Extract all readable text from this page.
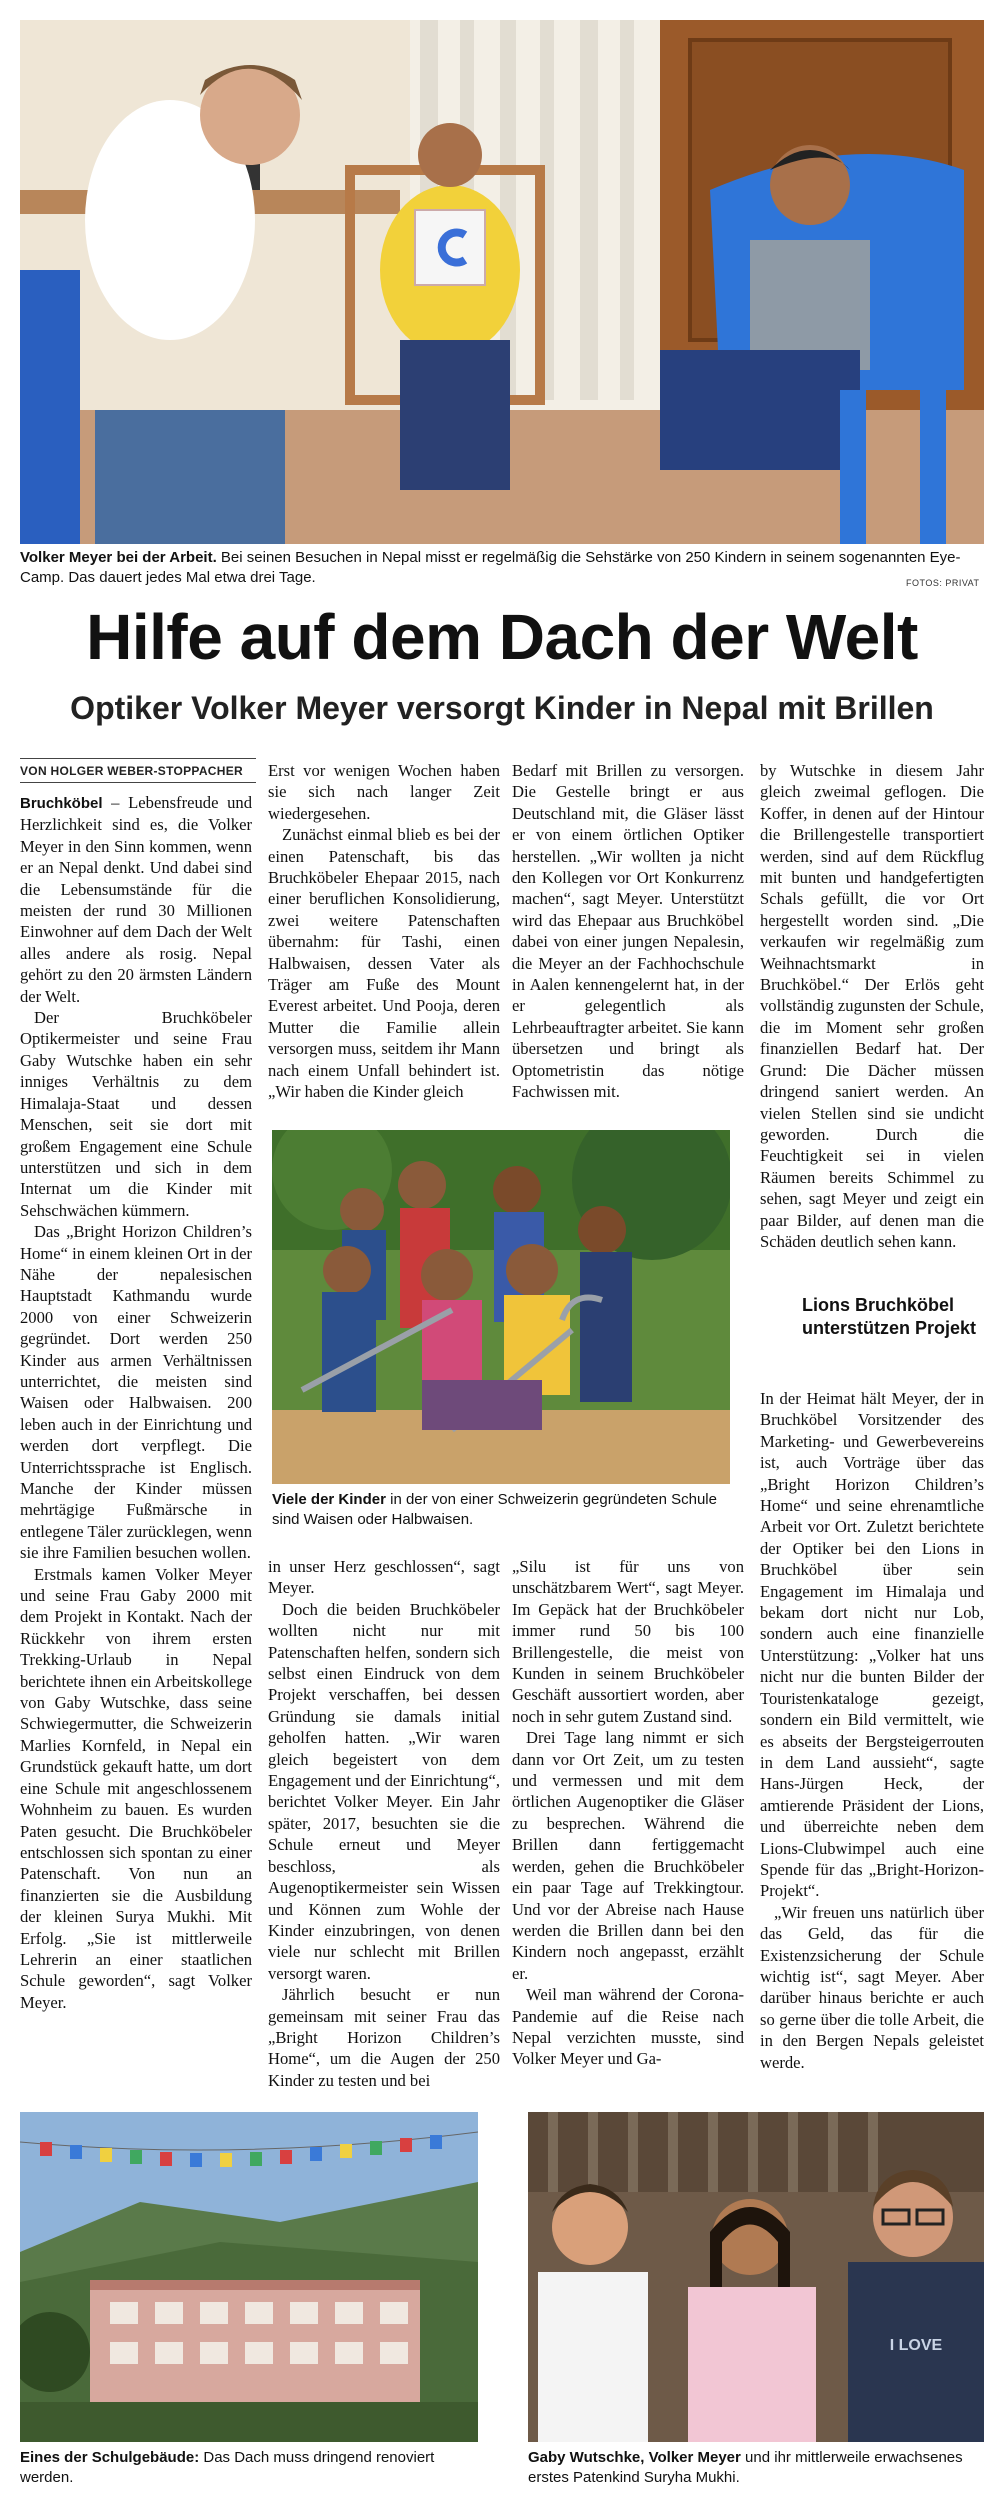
Volker Meyer bei der Arbeit. Bei seinen Besuchen in Nepal misst er regelmäßig die Sehstärke von 250 Kindern in seinem sogenannten Eye-Camp. Das dauert jedes Mal etwa drei Tage.	FOTOS: PRIVAT
Hilfe auf dem Dach der Welt
Optiker Volker Meyer versorgt Kinder in Nepal mit Brillen
VON HOLGER WEBER-STOPPACHER

Bruchköbel – Lebensfreude und Herzlichkeit sind es, die Volker Meyer in den Sinn kommen, wenn er an Nepal denkt. Und dabei sind die Lebensumstände für die meisten der rund 30 Millionen Einwohner auf dem Dach der Welt alles andere als rosig. Nepal gehört zu den 20 ärmsten Ländern der Welt.

Der Bruchköbeler Optikermeister und seine Frau Gaby Wutschke haben ein sehr inniges Verhältnis zu dem Himalaja-Staat und dessen Menschen, seit sie dort mit großem Engagement eine Schule unterstützen und sich in dem Internat um die Kinder mit Sehschwächen kümmern.

Das „Bright Horizon Children’s Home“ in einem kleinen Ort in der Nähe der nepalesischen Hauptstadt Kathmandu wurde 2000 von einer Schweizerin gegründet. Dort werden 250 Kinder aus armen Verhältnissen unterrichtet, die meisten sind Waisen oder Halbwaisen. 200 leben auch in der Einrichtung und werden dort verpflegt. Die Unterrichtssprache ist Englisch. Manche der Kinder müssen mehrtägige Fußmärsche in entlegene Täler zurücklegen, wenn sie ihre Familien besuchen wollen.

Erstmals kamen Volker Meyer und seine Frau Gaby 2000 mit dem Projekt in Kontakt. Nach der Rückkehr von ihrem ersten Trekking-Urlaub in Nepal berichtete ihnen ein Arbeitskollege von Gaby Wutschke, dass seine Schwiegermutter, die Schweizerin Marlies Kornfeld, in Nepal ein Grundstück gekauft hatte, um dort eine Schule mit angeschlossenem Wohnheim zu bauen. Es wurden Paten gesucht. Die Bruchköbeler entschlossen sich spontan zu einer Patenschaft. Von nun an finanzierten sie die Ausbildung der kleinen Surya Mukhi. Mit Erfolg. „Sie ist mittlerweile Lehrerin an einer staatlichen Schule geworden“, sagt Volker Meyer.

Erst vor wenigen Wochen haben sie sich nach langer Zeit wiedergesehen.

Zunächst einmal blieb es bei der einen Patenschaft, bis das Bruchköbeler Ehepaar 2015, nach einer beruflichen Konsolidierung, zwei weitere Patenschaften übernahm: für Tashi, einen Halbwaisen, dessen Vater als Träger am Fuße des Mount Everest arbeitet. Und Pooja, deren Mutter die Familie allein versorgen muss, seitdem ihr Mann nach einem Unfall behindert ist. „Wir haben die Kinder gleich

Bedarf mit Brillen zu versorgen. Die Gestelle bringt er aus Deutschland mit, die Gläser lässt er von einem örtlichen Optiker herstellen. „Wir wollten ja nicht den Kollegen vor Ort Konkurrenz machen“, sagt Meyer. Unterstützt wird das Ehepaar aus Bruchköbel dabei von einer jungen Nepalesin, die Meyer an der Fachhochschule in Aalen kennengelernt hat, in der er gelegentlich als Lehrbeauftragter arbeitet. Sie kann übersetzen und bringt als Optometristin das nötige Fachwissen mit.

Viele der Kinder in der von einer Schweizerin gegründeten Schule sind Waisen oder Halbwaisen.

in unser Herz geschlossen“, sagt Meyer.

Doch die beiden Bruchköbeler wollten nicht nur mit Patenschaften helfen, sondern sich selbst einen Eindruck von dem Projekt verschaffen, bei dessen Gründung sie damals initial geholfen hatten. „Wir waren gleich begeistert von dem Engagement und der Einrichtung“, berichtet Volker Meyer. Ein Jahr später, 2017, besuchten sie die Schule erneut und Meyer beschloss, als Augenoptikermeister sein Wissen und Können zum Wohle der Kinder einzubringen, von denen viele nur schlecht mit Brillen versorgt waren.

Jährlich besucht er nun gemeinsam mit seiner Frau das „Bright Horizon Children’s Home“, um die Augen der 250 Kinder zu testen und bei

„Silu ist für uns von unschätzbarem Wert“, sagt Meyer. Im Gepäck hat der Bruchköbeler immer rund 50 bis 100 Brillengestelle, die meist von Kunden in seinem Bruchköbeler Geschäft aussortiert worden, aber noch in sehr gutem Zustand sind.

Drei Tage lang nimmt er sich dann vor Ort Zeit, um zu testen und vermessen und mit dem örtlichen Augenoptiker die Gläser zu besprechen. Während die Brillen dann fertiggemacht werden, gehen die Bruchköbeler ein paar Tage auf Trekkingtour. Und vor der Abreise nach Hause werden die Brillen dann bei den Kindern noch angepasst, erzählt er.

Weil man während der Corona-Pandemie auf die Reise nach Nepal verzichten musste, sind Volker Meyer und Ga-

by Wutschke in diesem Jahr gleich zweimal geflogen. Die Koffer, in denen auf der Hintour die Brillengestelle transportiert werden, sind auf dem Rückflug mit bunten und handgefertigten Schals gefüllt, die vor Ort hergestellt worden sind. „Die verkaufen wir regelmäßig zum Weihnachtsmarkt in Bruchköbel.“ Der Erlös geht vollständig zugunsten der Schule, die im Moment sehr großen finanziellen Bedarf hat. Der Grund: Die Dächer müssen dringend saniert werden. An vielen Stellen sind sie undicht geworden. Durch die Feuchtigkeit sei in vielen Räumen bereits Schimmel zu sehen, sagt Meyer und zeigt ein paar Bilder, auf denen man die Schäden deutlich sehen kann.

Lions Bruchköbel unterstützen Projekt

In der Heimat hält Meyer, der in Bruchköbel Vorsitzender des Marketing- und Gewerbevereins ist, auch Vorträge über das „Bright Horizon Children’s Home“ und seine ehrenamtliche Arbeit vor Ort. Zuletzt berichtete der Optiker bei den Lions in Bruchköbel über sein Engagement im Himalaja und bekam dort nicht nur Lob, sondern auch eine finanzielle Unterstützung: „Volker hat uns nicht nur die bunten Bilder der Touristenkataloge gezeigt, sondern ein Bild vermittelt, wie es abseits der Bergsteigerrouten in dem Land aussieht“, sagte Hans-Jürgen Heck, der amtierende Präsident der Lions, und überreichte neben dem Lions-Clubwimpel auch eine Spende für das „Bright-Horizon-Projekt“.

„Wir freuen uns natürlich über das Geld, das für die Existenzsicherung der Schule wichtig ist“, sagt Meyer. Aber darüber hinaus berichte er auch so gerne über die tolle Arbeit, die in den Bergen Nepals geleistet werde.

Eines der Schulgebäude: Das Dach muss dringend renoviert werden.
I LOVE
Gaby Wutschke, Volker Meyer und ihr mittlerweile erwachsenes erstes Patenkind Suryha Mukhi.
